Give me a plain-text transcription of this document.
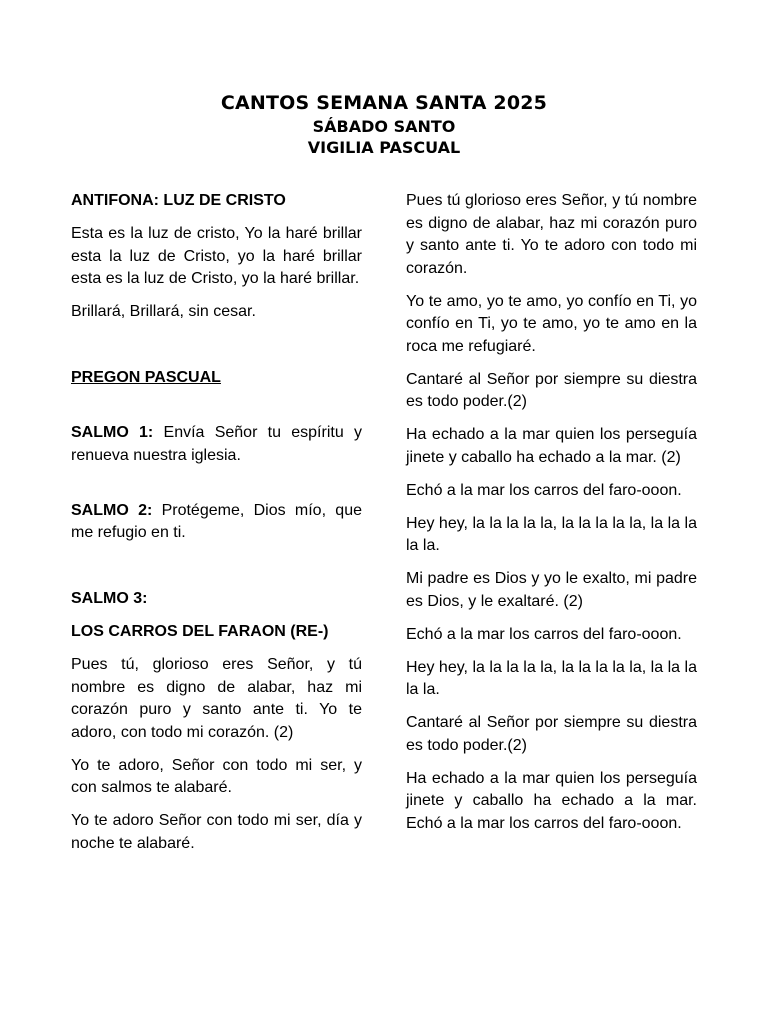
CANTOS SEMANA SANTA 2025
SÁBADO SANTO
VIGILIA PASCUAL

ANTIFONA: LUZ DE CRISTO

Esta es la luz de cristo, Yo la haré brillar esta la luz de Cristo, yo la haré brillar esta es la luz de Cristo, yo la haré brillar.

Brillará, Brillará, sin cesar.

PREGON PASCUAL

SALMO 1: Envía Señor tu espíritu y renueva nuestra iglesia.

SALMO 2: Protégeme, Dios mío, que me refugio en ti.

SALMO 3:

LOS CARROS DEL FARAON (RE-)

Pues tú, glorioso eres Señor, y tú nombre es digno de alabar, haz mi corazón puro y santo ante ti. Yo te adoro, con todo mi corazón. (2)

Yo te adoro, Señor con todo mi ser, y con salmos te alabaré.

Yo te adoro Señor con todo mi ser, día y noche te alabaré.

Pues tú glorioso eres Señor, y tú nombre es digno de alabar, haz mi corazón puro y santo ante ti. Yo te adoro con todo mi corazón.

Yo te amo, yo te amo, yo confío en Ti, yo confío en Ti, yo te amo, yo te amo en la roca me refugiaré.

Cantaré al Señor por siempre su diestra es todo poder.(2)

Ha echado a la mar quien los perseguía jinete y caballo ha echado a la mar. (2)

Echó a la mar los carros del faro-ooon.

Hey hey, la la la la la, la la la la la, la la la la la.

Mi padre es Dios y yo le exalto, mi padre es Dios, y le exaltaré. (2)

Echó a la mar los carros del faro-ooon.

Hey hey, la la la la la, la la la la la, la la la la la.

Cantaré al Señor por siempre su diestra es todo poder.(2)

Ha echado a la mar quien los perseguía jinete y caballo ha echado a la mar. Echó a la mar los carros del faro-ooon.
